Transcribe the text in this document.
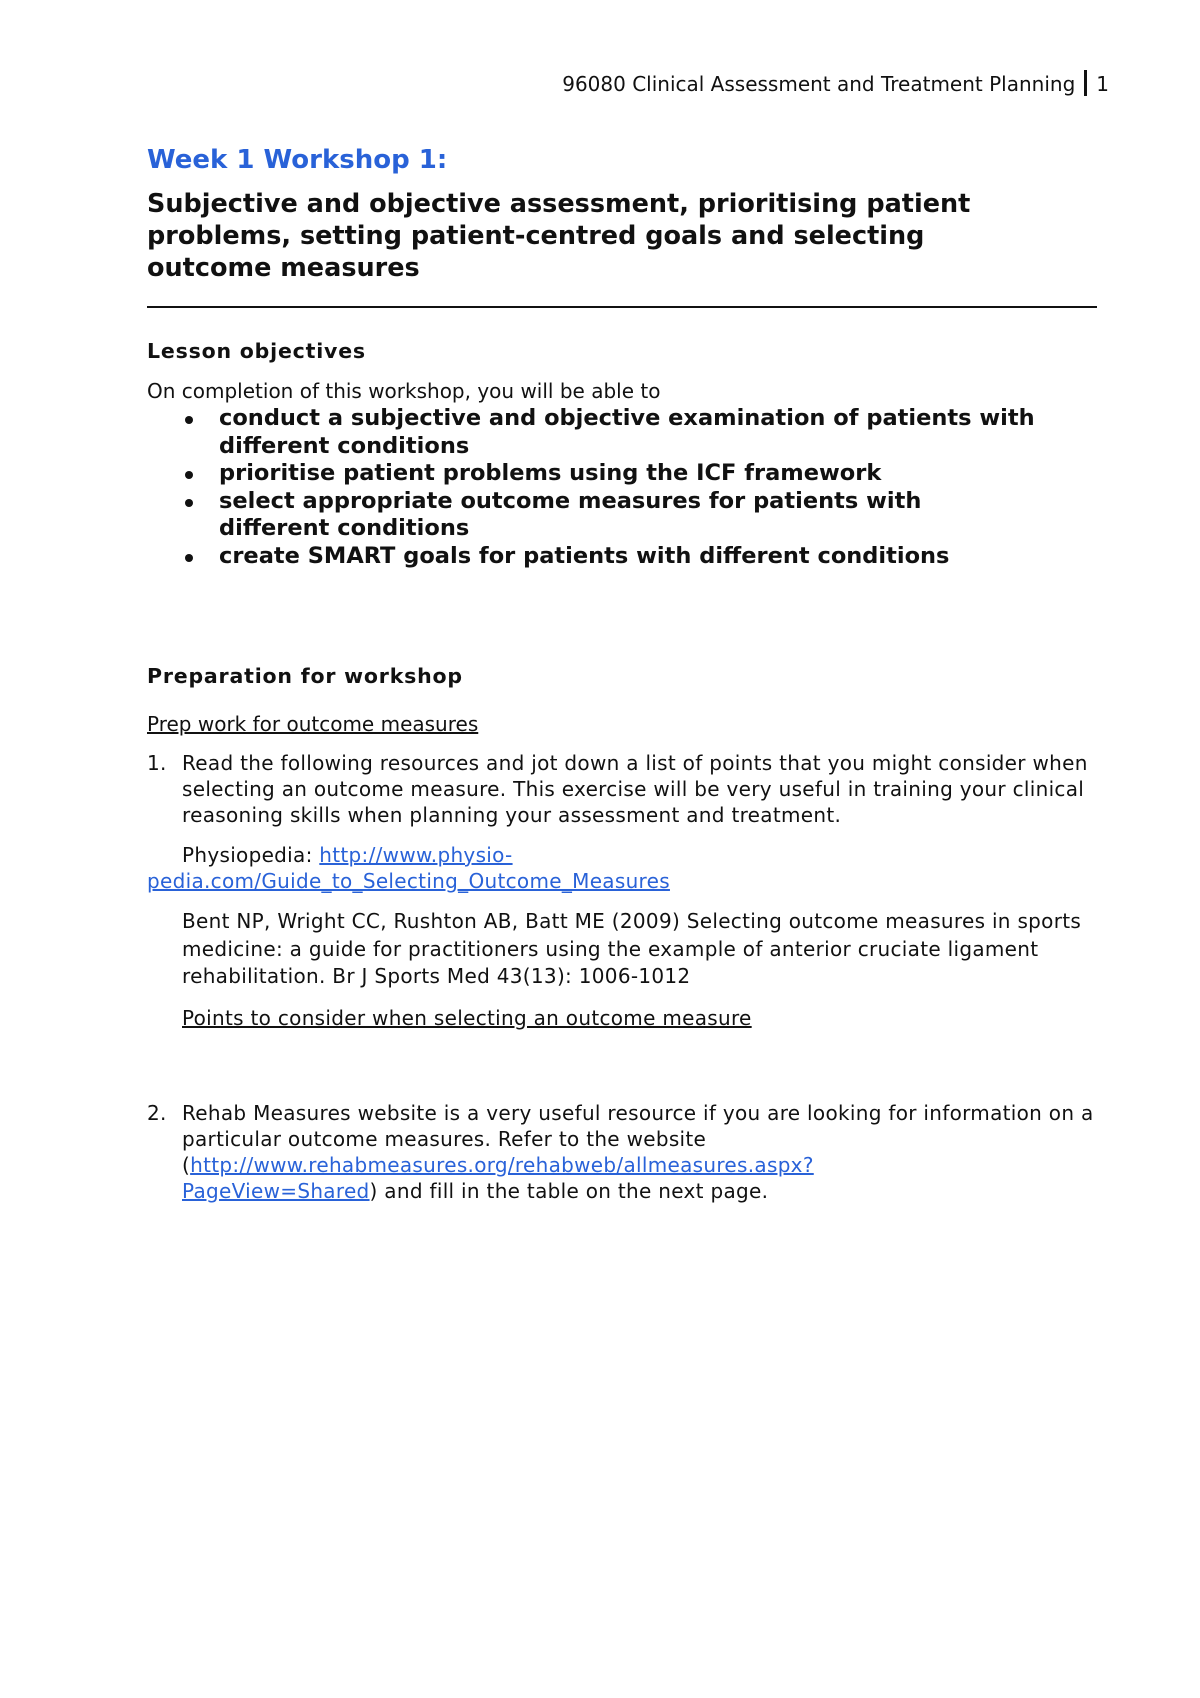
96080 Clinical Assessment and Treatment Planning 1
Week 1 Workshop 1:
Subjective and objective assessment, prioritising patient problems, setting patient-centred goals and selecting outcome measures
Lesson objectives

On completion of this workshop, you will be able to

conduct a subjective and objective examination of patients with different conditions
prioritise patient problems using the ICF framework
select appropriate outcome measures for patients with different conditions
create SMART goals for patients with different conditions
Preparation for workshop
Prep work for outcome measures
1. Read the following resources and jot down a list of points that you might consider when selecting an outcome measure. This exercise will be very useful in training your clinical reasoning skills when planning your assessment and treatment.

Physiopedia: http://www.physio-
pedia.com/Guide_to_Selecting_Outcome_Measures

Bent NP, Wright CC, Rushton AB, Batt ME (2009) Selecting outcome measures in sports medicine: a guide for practitioners using the example of anterior cruciate ligament rehabilitation. Br J Sports Med 43(13): 1006-1012

Points to consider when selecting an outcome measure

2. Rehab Measures website is a very useful resource if you are looking for information on a particular outcome measures. Refer to the website (http://www.rehabmeasures.org/rehabweb/allmeasures.aspx?
PageView=Shared) and fill in the table on the next page.
